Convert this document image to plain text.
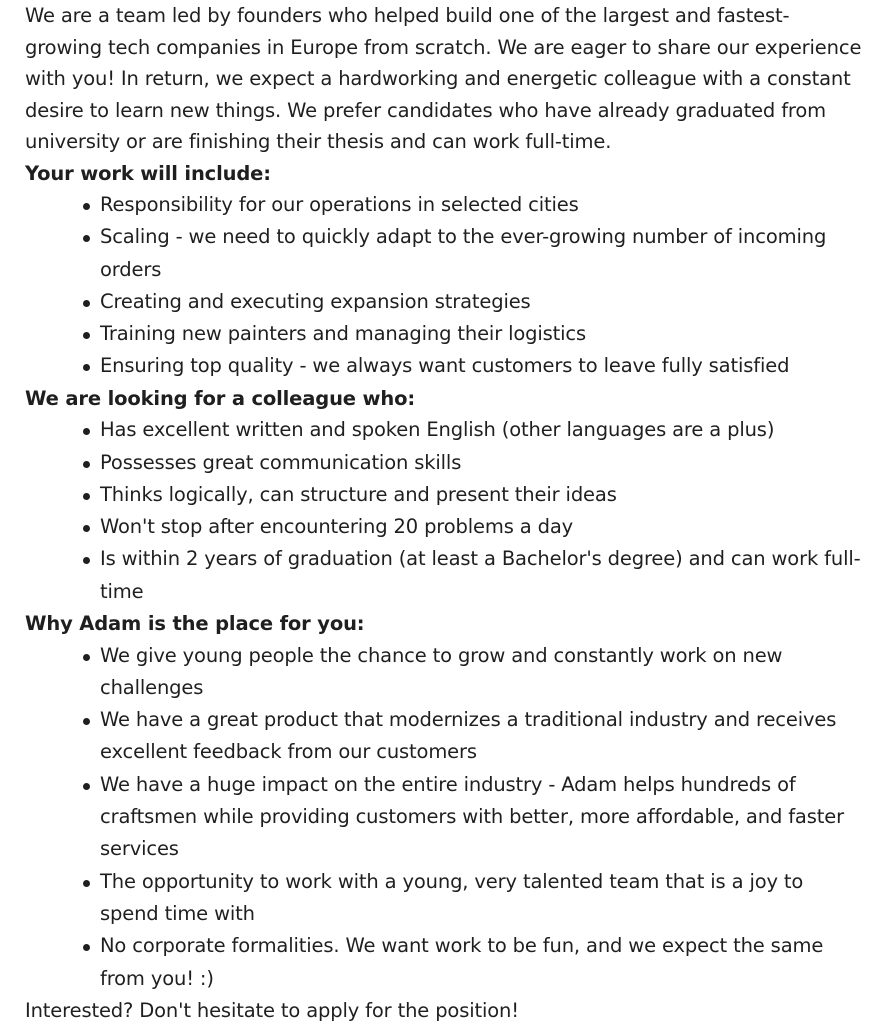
We are a team led by founders who helped build one of the largest and fastest-growing tech companies in Europe from scratch. We are eager to share our experience with you! In return, we expect a hardworking and energetic colleague with a constant desire to learn new things. We prefer candidates who have already graduated from university or are finishing their thesis and can work full-time.

Your work will include:

Responsibility for our operations in selected cities
Scaling - we need to quickly adapt to the ever-growing number of incoming orders
Creating and executing expansion strategies
Training new painters and managing their logistics
Ensuring top quality - we always want customers to leave fully satisfied

We are looking for a colleague who:

Has excellent written and spoken English (other languages are a plus)
Possesses great communication skills
Thinks logically, can structure and present their ideas
Won't stop after encountering 20 problems a day
Is within 2 years of graduation (at least a Bachelor's degree) and can work full-time

Why Adam is the place for you:

We give young people the chance to grow and constantly work on new challenges
We have a great product that modernizes a traditional industry and receives excellent feedback from our customers
We have a huge impact on the entire industry - Adam helps hundreds of craftsmen while providing customers with better, more affordable, and faster services
The opportunity to work with a young, very talented team that is a joy to spend time with
No corporate formalities. We want work to be fun, and we expect the same from you! :)

Interested? Don't hesitate to apply for the position!
